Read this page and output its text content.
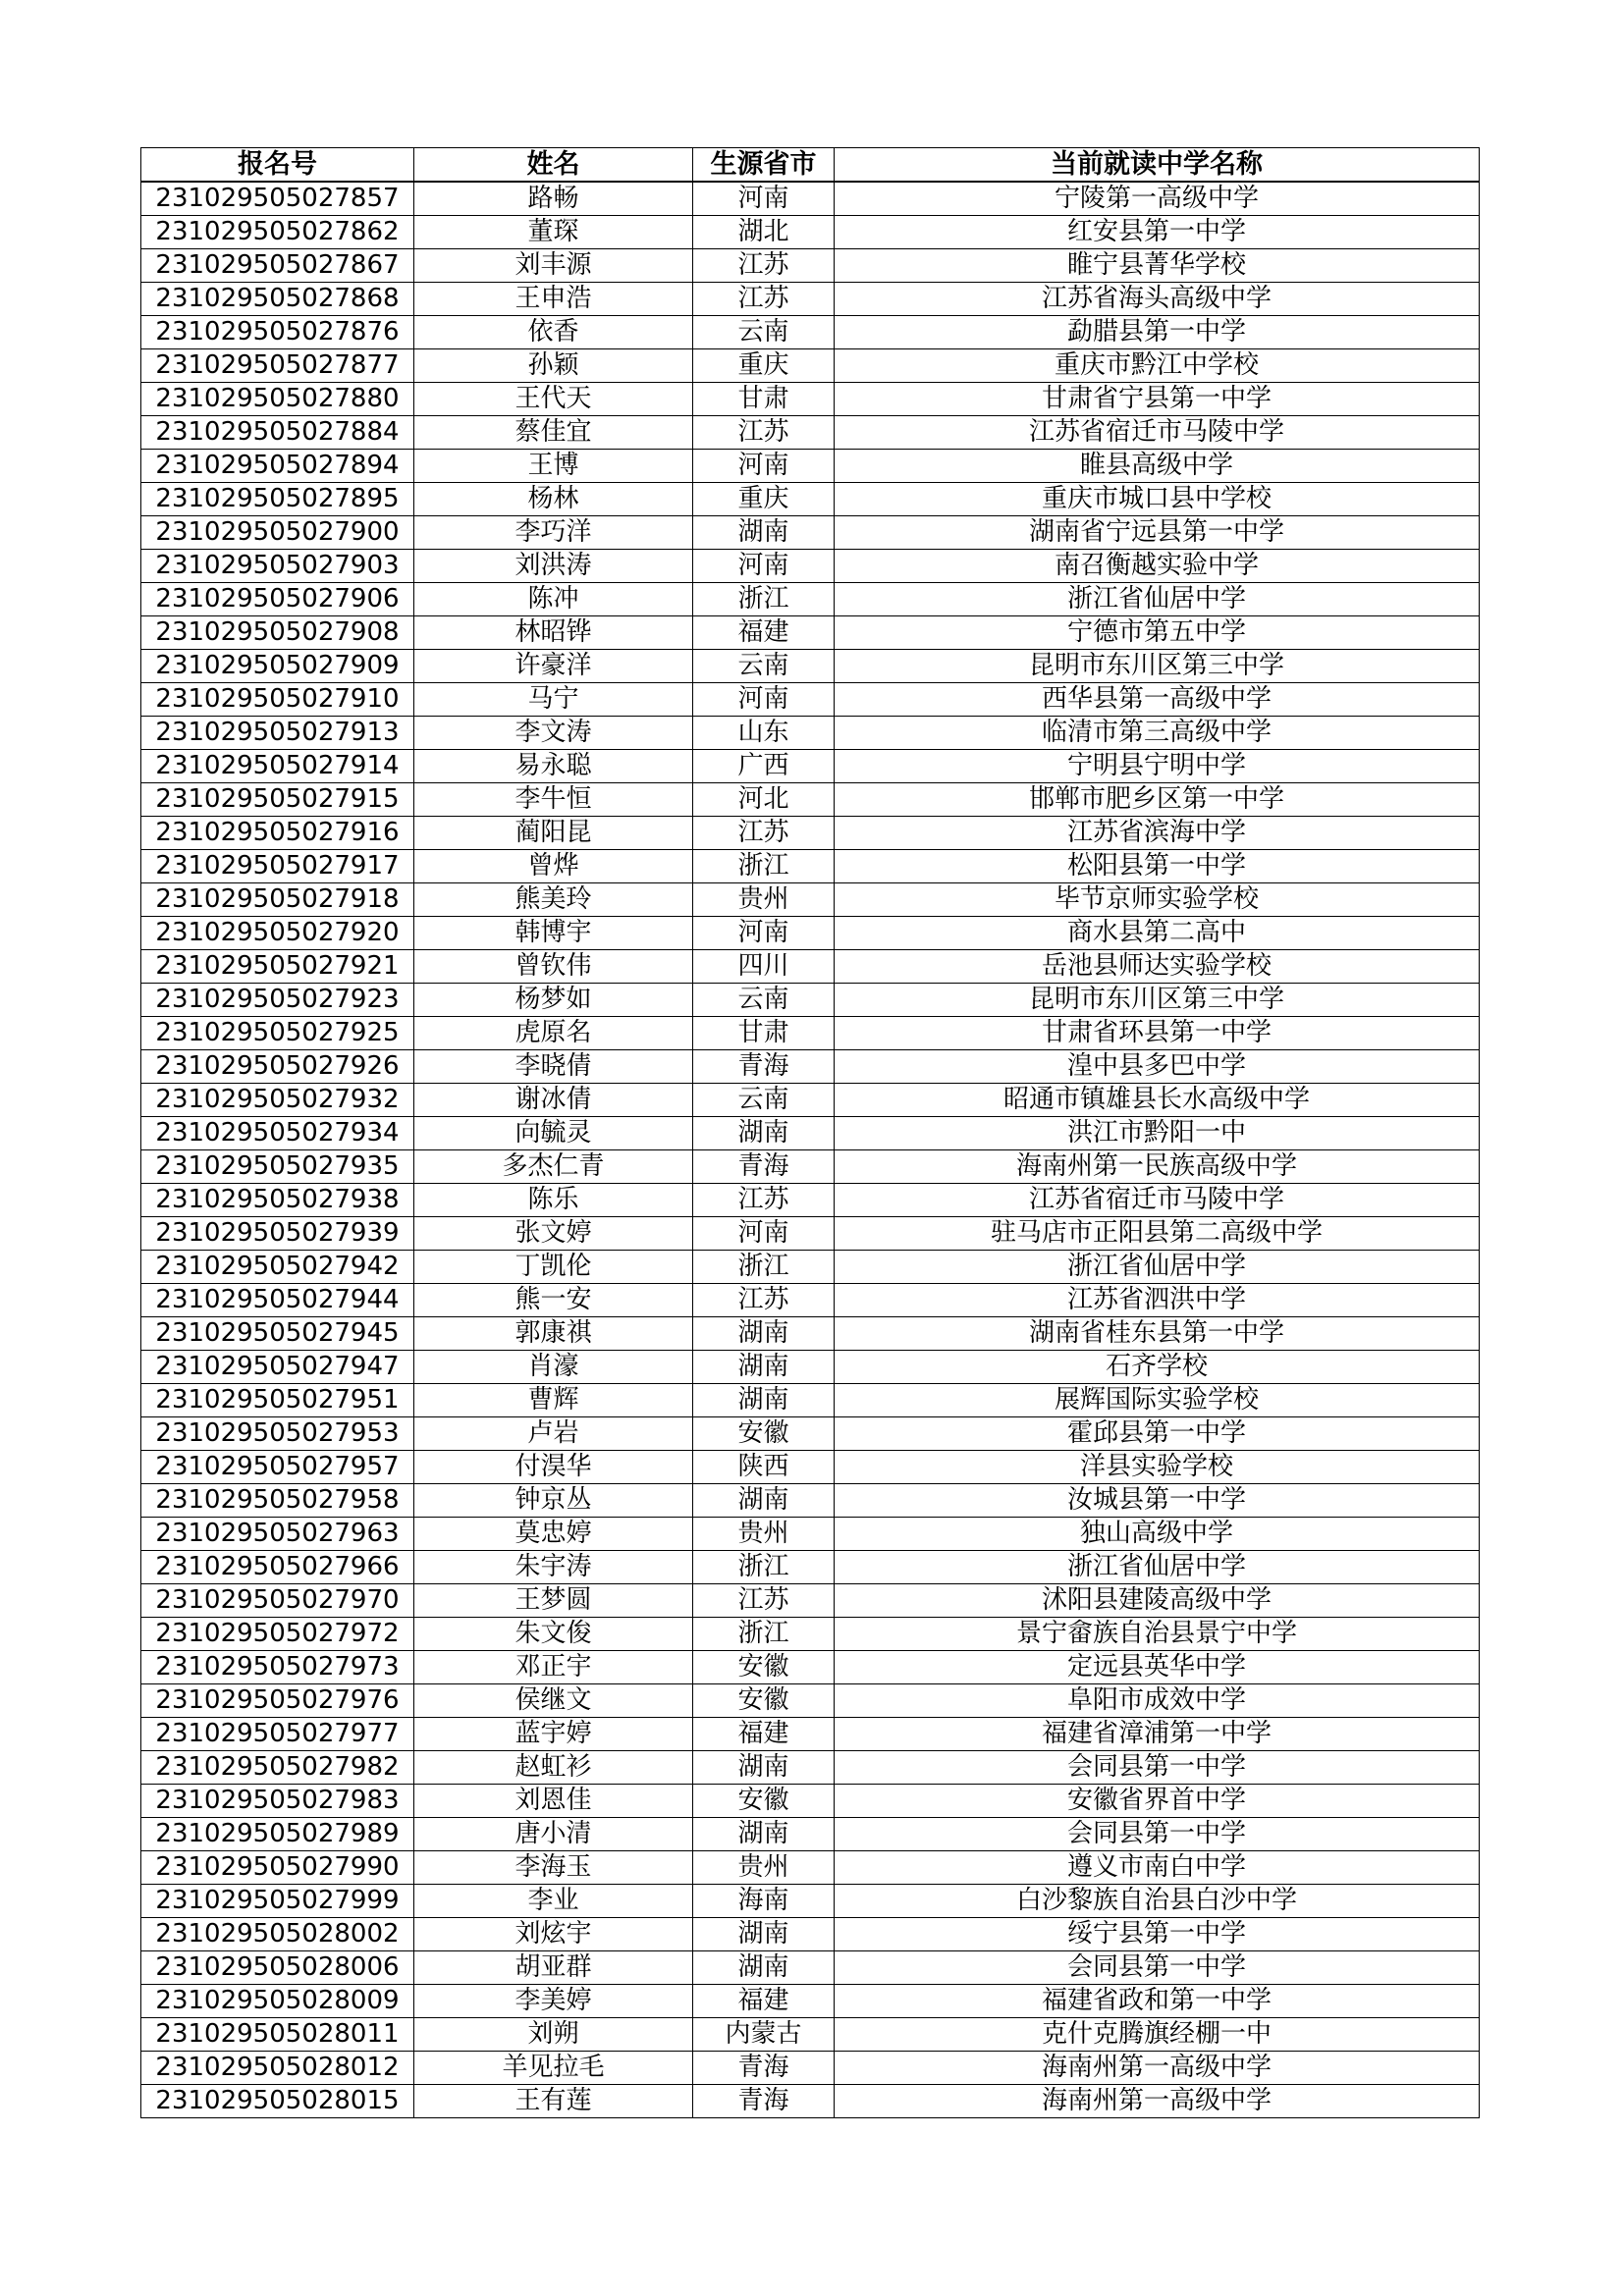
报名号	姓名	生源省市	当前就读中学名称
231029505027857	路畅	河南	宁陵第一高级中学
231029505027862	董琛	湖北	红安县第一中学
231029505027867	刘丰源	江苏	睢宁县菁华学校
231029505027868	王申浩	江苏	江苏省海头高级中学
231029505027876	依香	云南	勐腊县第一中学
231029505027877	孙颖	重庆	重庆市黔江中学校
231029505027880	王代天	甘肃	甘肃省宁县第一中学
231029505027884	蔡佳宜	江苏	江苏省宿迁市马陵中学
231029505027894	王博	河南	睢县高级中学
231029505027895	杨林	重庆	重庆市城口县中学校
231029505027900	李巧洋	湖南	湖南省宁远县第一中学
231029505027903	刘洪涛	河南	南召衡越实验中学
231029505027906	陈冲	浙江	浙江省仙居中学
231029505027908	林昭铧	福建	宁德市第五中学
231029505027909	许豪洋	云南	昆明市东川区第三中学
231029505027910	马宁	河南	西华县第一高级中学
231029505027913	李文涛	山东	临清市第三高级中学
231029505027914	易永聪	广西	宁明县宁明中学
231029505027915	李牛恒	河北	邯郸市肥乡区第一中学
231029505027916	蔺阳昆	江苏	江苏省滨海中学
231029505027917	曾烨	浙江	松阳县第一中学
231029505027918	熊美玲	贵州	毕节京师实验学校
231029505027920	韩博宇	河南	商水县第二高中
231029505027921	曾钦伟	四川	岳池县师达实验学校
231029505027923	杨梦如	云南	昆明市东川区第三中学
231029505027925	虎原名	甘肃	甘肃省环县第一中学
231029505027926	李晓倩	青海	湟中县多巴中学
231029505027932	谢冰倩	云南	昭通市镇雄县长水高级中学
231029505027934	向毓灵	湖南	洪江市黔阳一中
231029505027935	多杰仁青	青海	海南州第一民族高级中学
231029505027938	陈乐	江苏	江苏省宿迁市马陵中学
231029505027939	张文婷	河南	驻马店市正阳县第二高级中学
231029505027942	丁凯伦	浙江	浙江省仙居中学
231029505027944	熊一安	江苏	江苏省泗洪中学
231029505027945	郭康祺	湖南	湖南省桂东县第一中学
231029505027947	肖濠	湖南	石齐学校
231029505027951	曹辉	湖南	展辉国际实验学校
231029505027953	卢岩	安徽	霍邱县第一中学
231029505027957	付淏华	陕西	洋县实验学校
231029505027958	钟京丛	湖南	汝城县第一中学
231029505027963	莫忠婷	贵州	独山高级中学
231029505027966	朱宇涛	浙江	浙江省仙居中学
231029505027970	王梦圆	江苏	沭阳县建陵高级中学
231029505027972	朱文俊	浙江	景宁畲族自治县景宁中学
231029505027973	邓正宇	安徽	定远县英华中学
231029505027976	侯继文	安徽	阜阳市成效中学
231029505027977	蓝宇婷	福建	福建省漳浦第一中学
231029505027982	赵虹衫	湖南	会同县第一中学
231029505027983	刘恩佳	安徽	安徽省界首中学
231029505027989	唐小清	湖南	会同县第一中学
231029505027990	李海玉	贵州	遵义市南白中学
231029505027999	李业	海南	白沙黎族自治县白沙中学
231029505028002	刘炫宇	湖南	绥宁县第一中学
231029505028006	胡亚群	湖南	会同县第一中学
231029505028009	李美婷	福建	福建省政和第一中学
231029505028011	刘朔	内蒙古	克什克腾旗经棚一中
231029505028012	羊见拉毛	青海	海南州第一高级中学
231029505028015	王有莲	青海	海南州第一高级中学
